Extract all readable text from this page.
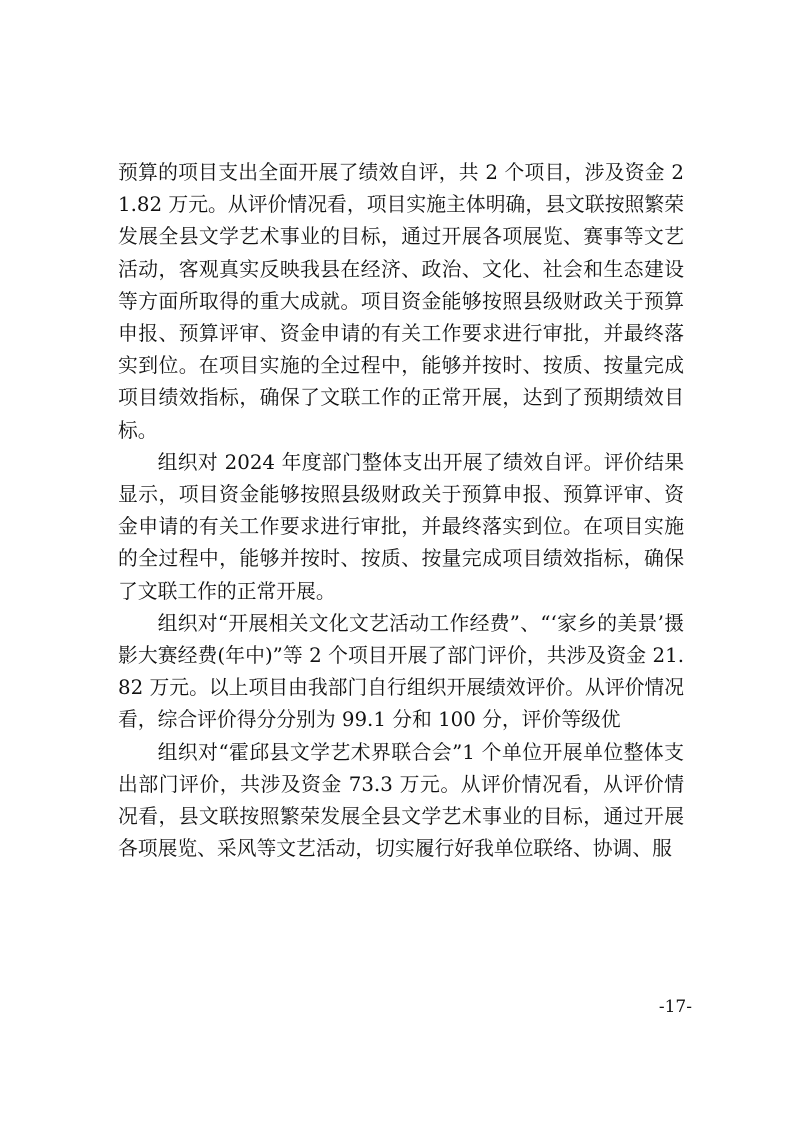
预算的项目支出全面开展了绩效自评，共 2 个项目，涉及资金 21.82 万元。从评价情况看，项目实施主体明确，县文联按照繁荣发展全县文学艺术事业的目标，通过开展各项展览、赛事等文艺活动，客观真实反映我县在经济、政治、文化、社会和生态建设等方面所取得的重大成就。项目资金能够按照县级财政关于预算申报、预算评审、资金申请的有关工作要求进行审批，并最终落实到位。在项目实施的全过程中，能够并按时、按质、按量完成项目绩效指标，确保了文联工作的正常开展，达到了预期绩效目标。

组织对 2024 年度部门整体支出开展了绩效自评。评价结果显示，项目资金能够按照县级财政关于预算申报、预算评审、资金申请的有关工作要求进行审批，并最终落实到位。在项目实施的全过程中，能够并按时、按质、按量完成项目绩效指标，确保了文联工作的正常开展。

组织对“开展相关文化文艺活动工作经费”、“‘家乡的美景’摄影大赛经费(年中)”等 2 个项目开展了部门评价，共涉及资金 21.82 万元。以上项目由我部门自行组织开展绩效评价。从评价情况看，综合评价得分分别为 99.1 分和 100 分，评价等级优

组织对“霍邱县文学艺术界联合会”1 个单位开展单位整体支出部门评价，共涉及资金 73.3 万元。从评价情况看，从评价情况看，县文联按照繁荣发展全县文学艺术事业的目标，通过开展各项展览、采风等文艺活动，切实履行好我单位联络、协调、服

-17-
